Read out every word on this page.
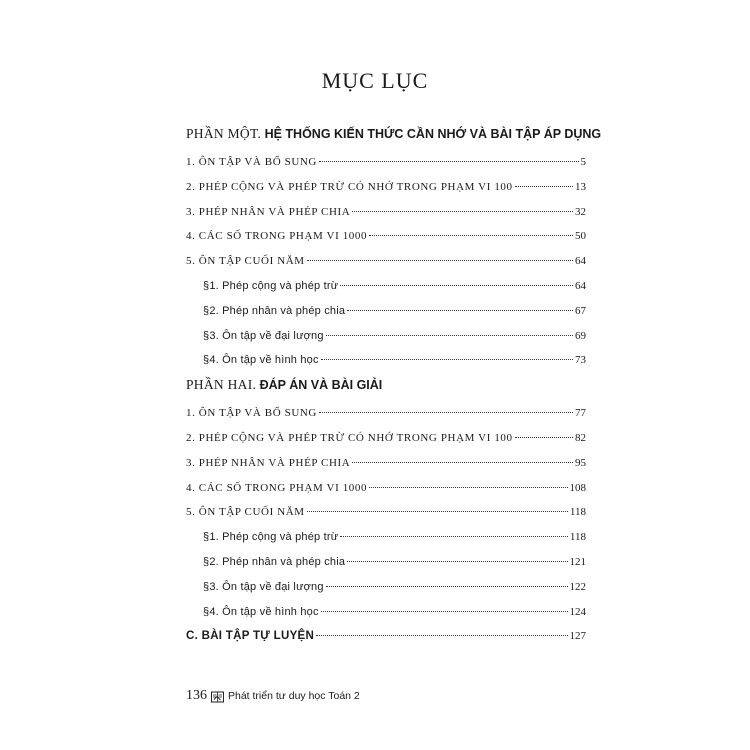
MỤC LỤC
PHẦN MỘT. HỆ THỐNG KIẾN THỨC CẦN NHỚ VÀ BÀI TẬP ÁP DỤNG
1. ÔN TẬP VÀ BỔ SUNG	5
2. PHÉP CỘNG VÀ PHÉP TRỪ CÓ NHỚ TRONG PHẠM VI 100	13
3. PHÉP NHÂN VÀ PHÉP CHIA	32
4. CÁC SỐ TRONG PHẠM VI 1000	50
5. ÔN TẬP CUỐI NĂM	64
§1. Phép cộng và phép trừ	64
§2. Phép nhân và phép chia	67
§3. Ôn tập về đại lượng	69
§4. Ôn tập về hình học	73
PHẦN HAI. ĐÁP ÁN VÀ BÀI GIẢI
1. ÔN TẬP VÀ BỔ SUNG	77
2. PHÉP CỘNG VÀ PHÉP TRỪ CÓ NHỚ TRONG PHẠM VI 100	82
3. PHÉP NHÂN VÀ PHÉP CHIA	95
4. CÁC SỐ TRONG PHẠM VI 1000	108
5. ÔN TẬP CUỐI NĂM	118
§1. Phép cộng và phép trừ	118
§2. Phép nhân và phép chia	121
§3. Ôn tập về đại lượng	122
§4. Ôn tập về hình học	124
C. BÀI TẬP TỰ LUYỆN	127
136 Phát triển tư duy học Toán 2
